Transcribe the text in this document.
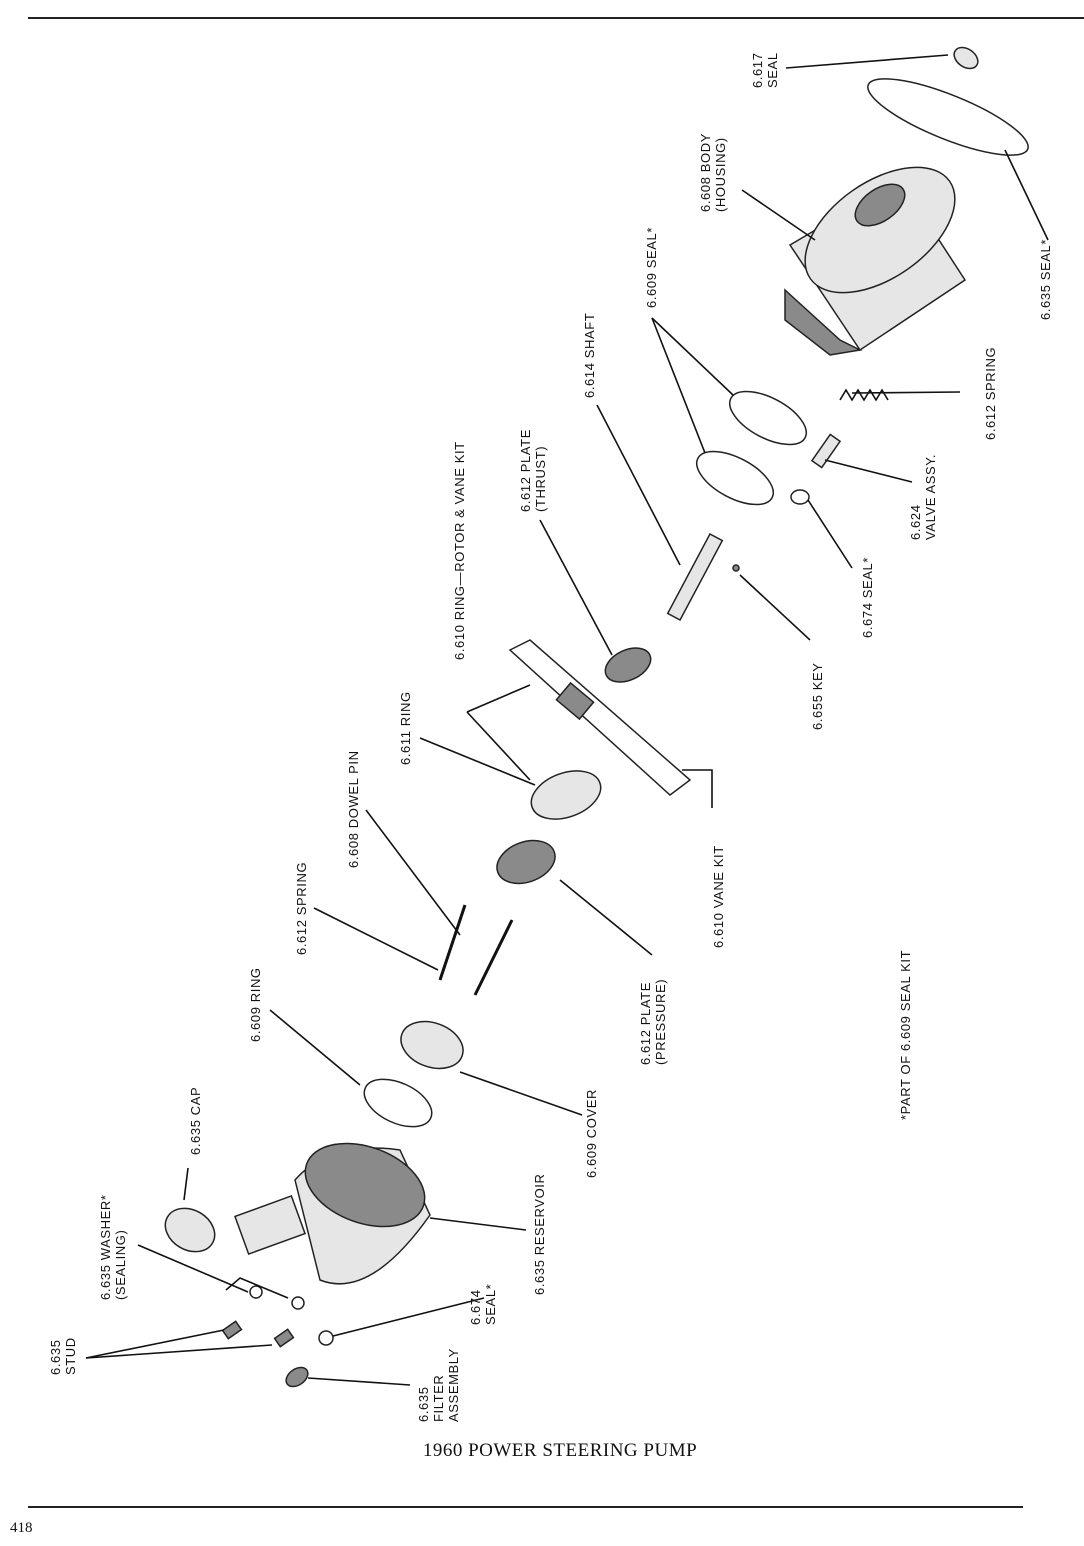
6.617SEAL
6.608 BODY(HOUSING)
6.635 SEAL*
6.609 SEAL*
6.612 SPRING
6.624VALVE ASSY.
6.674 SEAL*
6.614 SHAFT
6.655 KEY
6.612 PLATE(THRUST)
6.610 RING—ROTOR & VANE KIT
6.610 VANE KIT
6.611 RING
6.608 DOWEL PIN
6.612 PLATE(PRESSURE)
6.612 SPRING
6.609 RING
6.609 COVER
6.635 CAP
6.635 RESERVOIR
6.635 WASHER*(SEALING)
6.674SEAL*
6.635STUD
6.635FILTERASSEMBLY
*PART OF 6.609 SEAL KIT
1960 POWER STEERING PUMP
418
